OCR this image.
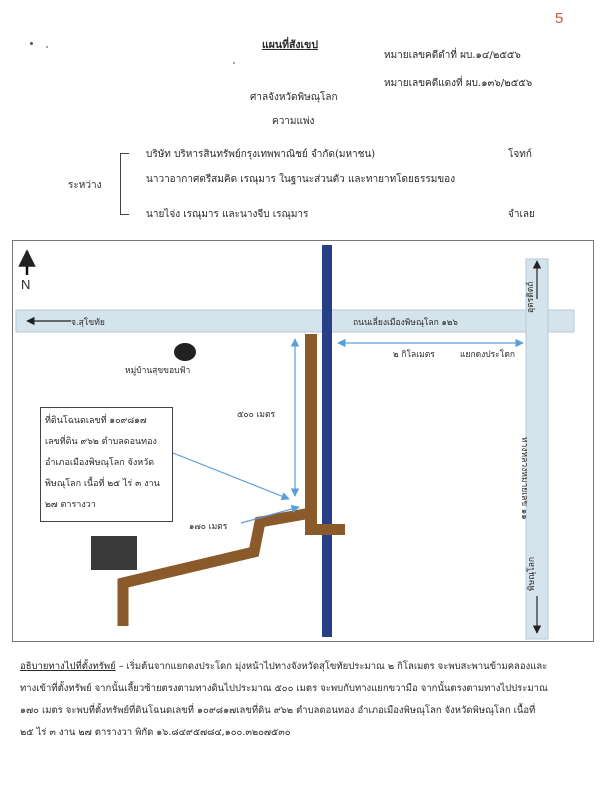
5
แผนที่สังเขป
หมายเลขคดีดำที่ ผบ.๑๔/๒๕๕๖
หมายเลขคดีแดงที่ ผบ.๑๓๖/๒๕๕๖
ศาลจังหวัดพิษณุโลก
ความแพ่ง
ระหว่าง
บริษัท บริหารสินทรัพย์กรุงเทพพาณิชย์ จำกัด(มหาชน)	โจทก์
นาวาอากาศตรีสมคิด เรณุมาร ในฐานะส่วนตัว และทายาทโดยธรรมของ
นายไจ่ง เรณุมาร และนางจีบ เรณุมาร	จำเลย
N
จ.สุโขทัย	ถนนเลี่ยงเมืองพิษณุโลก ๑๒๖
๒ กิโลเมตร	แยกดงประโดก
หมู่บ้านสุขขอบฟ้า
๕๐๐ เมตร
๑๗๐ เมตร
อุตรดิตถ์
ทางหลวงหมายเลข ๑๑
พิษณุโลก
ที่ดินโฉนดเลขที่ ๑๐๙๘๑๗
เลขที่ดิน ๙๖๒ ตำบลดอนทอง
อำเภอเมืองพิษณุโลก จังหวัด
พิษณุโลก เนื้อที่ ๒๕ ไร่ ๓ งาน
๒๗ ตารางวา
อธิบายทางไปที่ตั้งทรัพย์ – เริ่มต้นจากแยกดงประโดก มุ่งหน้าไปทางจังหวัดสุโขทัยประมาณ ๒ กิโลเมตร จะพบสะพานข้ามคลองและ
ทางเข้าที่ตั้งทรัพย์ จากนั้นเลี้ยวซ้ายตรงตามทางดินไปประมาณ ๕๐๐ เมตร จะพบกับทางแยกขวามือ จากนั้นตรงตามทางไปประมาณ
๑๗๐ เมตร จะพบที่ตั้งทรัพย์ที่ดินโฉนดเลขที่ ๑๐๙๘๑๗เลขที่ดิน ๙๖๒ ตำบลดอนทอง อำเภอเมืองพิษณุโลก จังหวัดพิษณุโลก เนื้อที่
๒๕ ไร่ ๓ งาน ๒๗ ตารางวา พิกัด ๑๖.๘๔๙๕๗๘๔,๑๐๐.๓๒๐๗๕๓๐
